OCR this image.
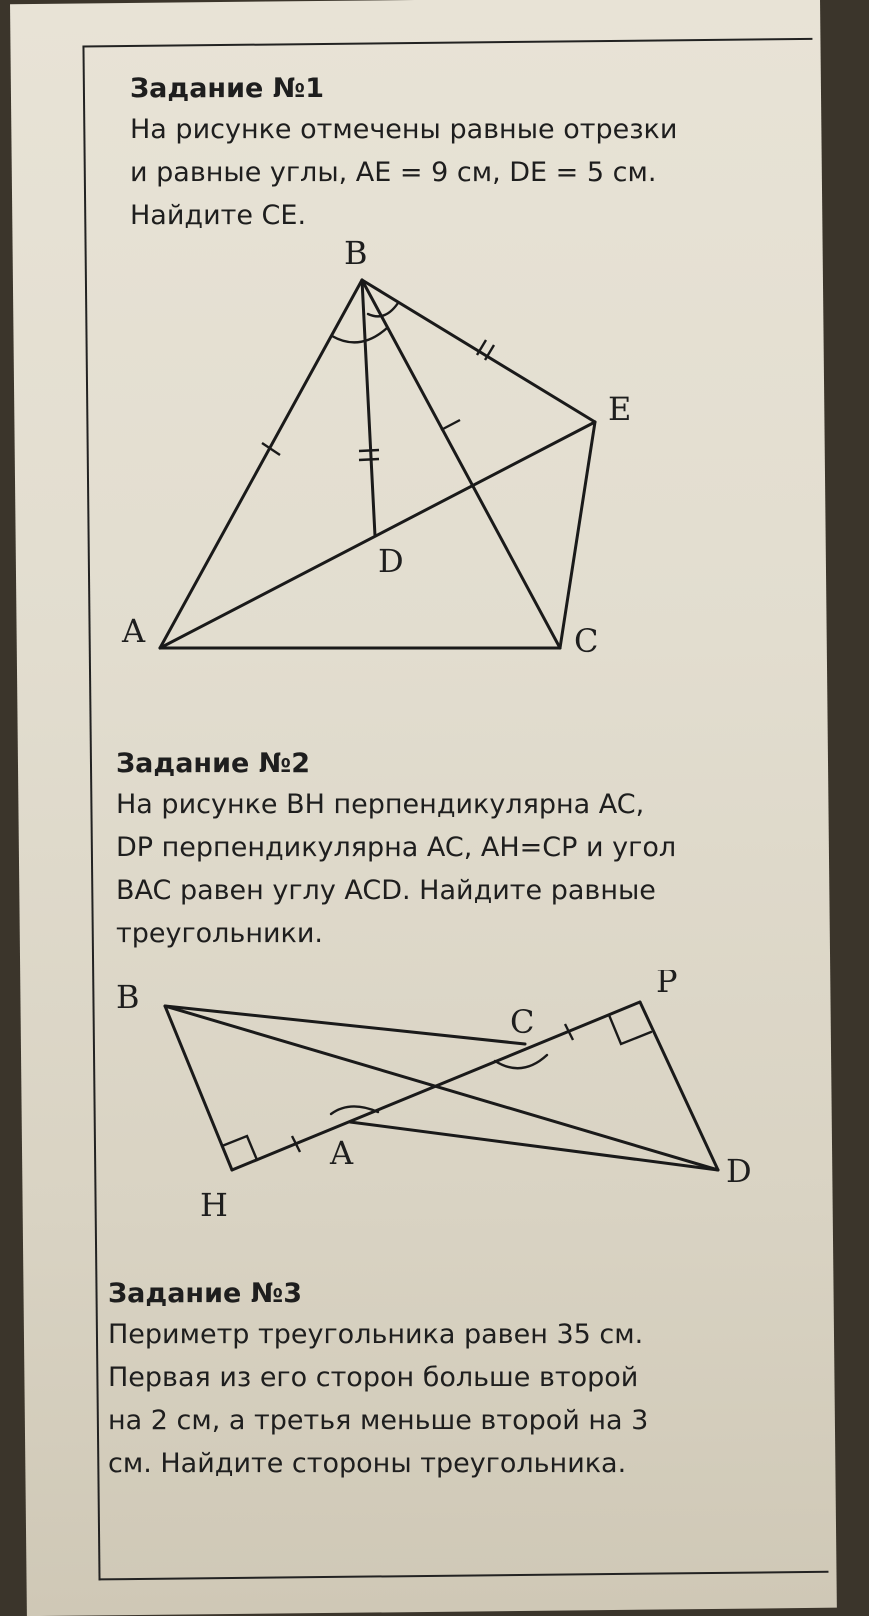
Задание №1

На рисунке отмечены равные отрезки
и равные углы, AE = 9 см, DE = 5 см.
Найдите CE.

B
E
D
A	C
Задание №2

На рисунке BH перпендикулярна AC,
DP перпендикулярна AC, AH=CP и угол
BAC равен углу ACD. Найдите равные
треугольники.

B	P
C
A	D
H
Задание №3

Периметр треугольника равен 35 см.
Первая из его сторон больше второй
на 2 см, а третья меньше второй на 3
см. Найдите стороны треугольника.
